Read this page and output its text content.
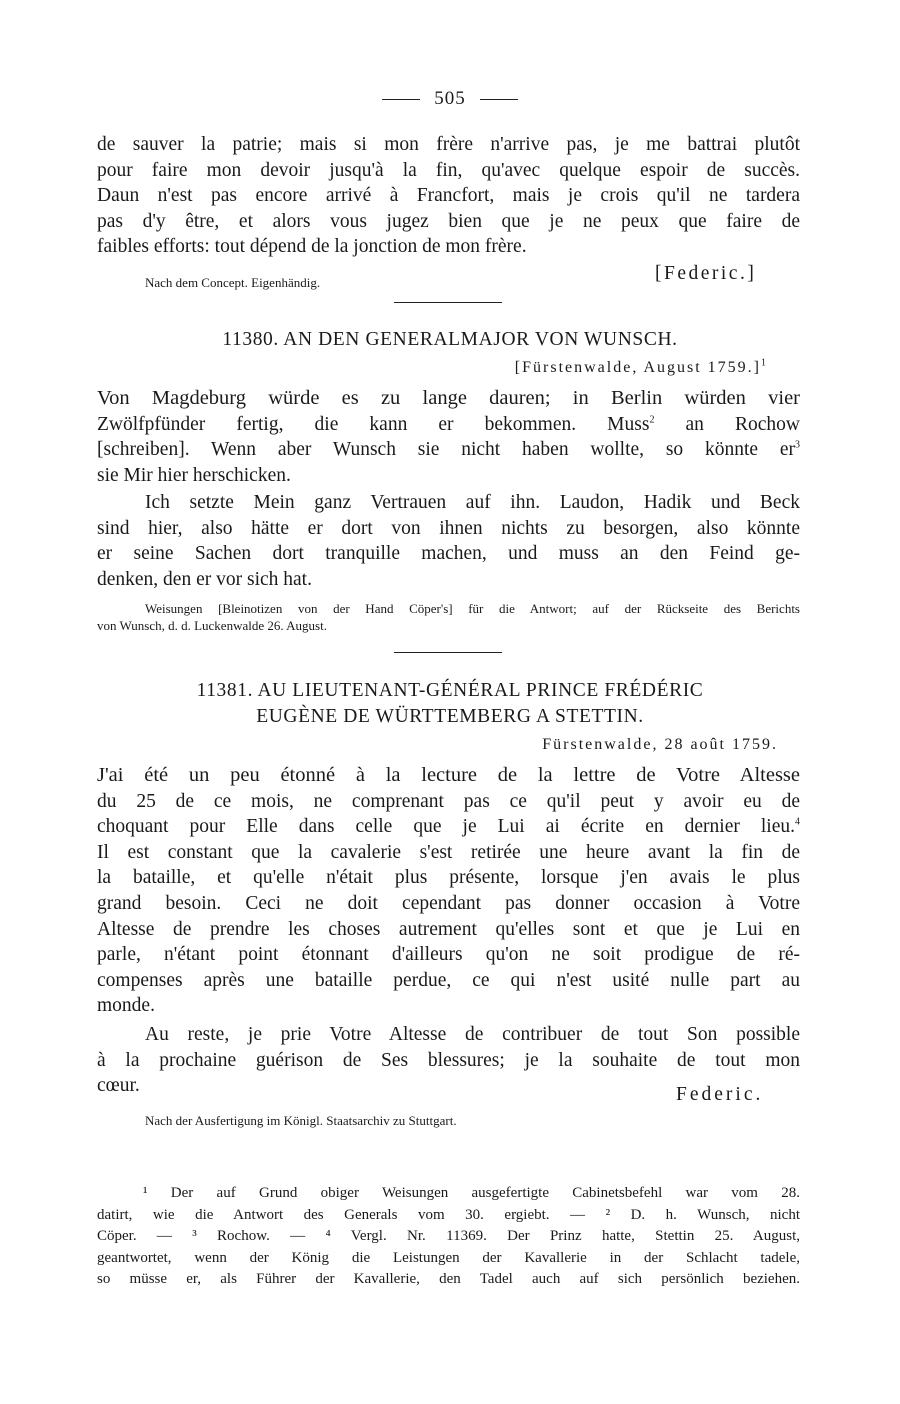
505
de sauver la patrie; mais si mon frère n'arrive pas, je me battrai plutôt
pour faire mon devoir jusqu'à la fin, qu'avec quelque espoir de succès.
Daun n'est pas encore arrivé à Francfort, mais je crois qu'il ne tardera
pas d'y être, et alors vous jugez bien que je ne peux que faire de
faibles efforts: tout dépend de la jonction de mon frère.
Nach dem Concept. Eigenhändig.	[Federic.]
11380. AN DEN GENERALMAJOR VON WUNSCH.
[Fürstenwalde, August 1759.]$^1$
Von Magdeburg würde es zu lange dauren; in Berlin würden vier
Zwölfpfünder fertig, die kann er bekommen. Muss$^2$ an Rochow
[schreiben]. Wenn aber Wunsch sie nicht haben wollte, so könnte $er^3$
sie Mir hier herschicken.
Ich setzte Mein ganz Vertrauen auf ihn. Laudon, Hadik und Beck
sind hier, also hätte er dort von ihnen nichts zu besorgen, also könnte
er seine Sachen dort tranquille machen, und muss an den Feind ge-
denken, den er vor sich hat.
Weisungen [Bleinotizen von der Hand Cöper's] für die Antwort; auf der Rückseite des Berichts
von Wunsch, d. d. Luckenwalde 26. August.
11381. AU LIEUTENANT-GÉNÉRAL PRINCE FRÉDÉRIC
EUGÈNE DE WÜRTTEMBERG A STETTIN.
Fürstenwalde, 28 août 1759.
J'ai été un peu étonné à la lecture de la lettre de Votre Altesse
du 25 de ce mois, ne comprenant pas ce qu'il peut y avoir eu de
choquant pour Elle dans celle que je Lui ai écrite en dernier lieu.$^4$
Il est constant que la cavalerie s'est retirée une heure avant la fin de
la bataille, et qu'elle n'était plus présente, lorsque j'en avais le plus
grand besoin. Ceci ne doit cependant pas donner occasion à Votre
Altesse de prendre les choses autrement qu'elles sont et que je Lui en
parle, n'étant point étonnant d'ailleurs qu'on ne soit prodigue de ré-
compenses après une bataille perdue, ce qui n'est usité nulle part au
monde.
Au reste, je prie Votre Altesse de contribuer de tout Son possible
à la prochaine guérison de Ses blessures; je la souhaite de tout mon
cœur.	Federic.
Nach der Ausfertigung im Königl. Staatsarchiv zu Stuttgart.
¹ Der auf Grund obiger Weisungen ausgefertigte Cabinetsbefehl war vom 28.
datirt, wie die Antwort des Generals vom 30. ergiebt. — ² D. h. Wunsch, nicht
Cöper. — ³ Rochow. — ⁴ Vergl. Nr. 11369. Der Prinz hatte, Stettin 25. August,
geantwortet, wenn der König die Leistungen der Kavallerie in der Schlacht tadele,
so müsse er, als Führer der Kavallerie, den Tadel auch auf sich persönlich beziehen.
